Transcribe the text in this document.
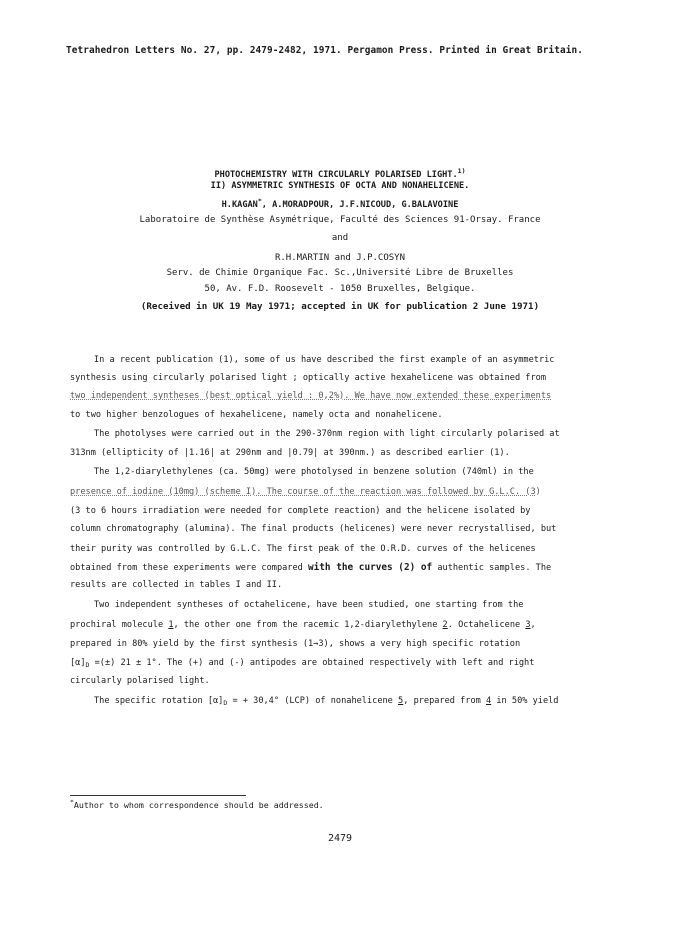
Tetrahedron Letters No. 27, pp. 2479-2482, 1971. Pergamon Press. Printed in Great Britain.
PHOTOCHEMISTRY WITH CIRCULARLY POLARISED LIGHT.$^{1)}$
II) ASYMMETRIC SYNTHESIS OF OCTA AND NONAHELICENE.
H.KAGAN*, A.MORADPOUR, J.F.NICOUD, G.BALAVOINE
Laboratoire de Synthèse Asymétrique, Faculté des Sciences 91-Orsay. France
and
R.H.MARTIN and J.P.COSYN
Serv. de Chimie Organique Fac. Sc.,Université Libre de Bruxelles
50, Av. F.D. Roosevelt - 1050 Bruxelles, Belgique.
(Received in UK 19 May 1971; accepted in UK for publication 2 June 1971)
In a recent publication (1), some of us have described the first example of an asymmetric
synthesis using circularly polarised light ; optically active hexahelicene was obtained from
two independent syntheses (best optical yield : 0,2%). We have now extended these experiments
to two higher benzologues of hexahelicene, namely octa and nonahelicene.
The photolyses were carried out in the 290-370nm region with light circularly polarised at
313nm (ellipticity of |1.16| at 290nm and |0.79| at 390nm.) as described earlier (1).
The 1,2-diarylethylenes (ca. 50mg) were photolysed in benzene solution (740ml) in the
presence of iodine (10mg) (scheme I). The course of the reaction was followed by G.L.C. (3)
(3 to 6 hours irradiation were needed for complete reaction) and the helicene isolated by
column chromatography (alumina). The final products (helicenes) were never recrystallised, but
their purity was controlled by G.L.C. The first peak of the O.R.D. curves of the helicenes
obtained from these experiments were compared with the curves (2) of authentic samples. The
results are collected in tables I and II.
Two independent syntheses of octahelicene, have been studied, one starting from the
prochiral molecule 1, the other one from the racemic 1,2-diarylethylene 2. Octahelicene 3,
prepared in 80% yield by the first synthesis (1→3), shows a very high specific rotation
$[\alpha]_D$ =(±) 21 ± 1°. The (+) and (-) antipodes are obtained respectively with left and right
circularly polarised light.
The specific rotation $[\alpha]_D$ = + 30,4° (LCP) of nonahelicene 5, prepared from 4 in 50% yield
*Author to whom correspondence should be addressed.
2479
